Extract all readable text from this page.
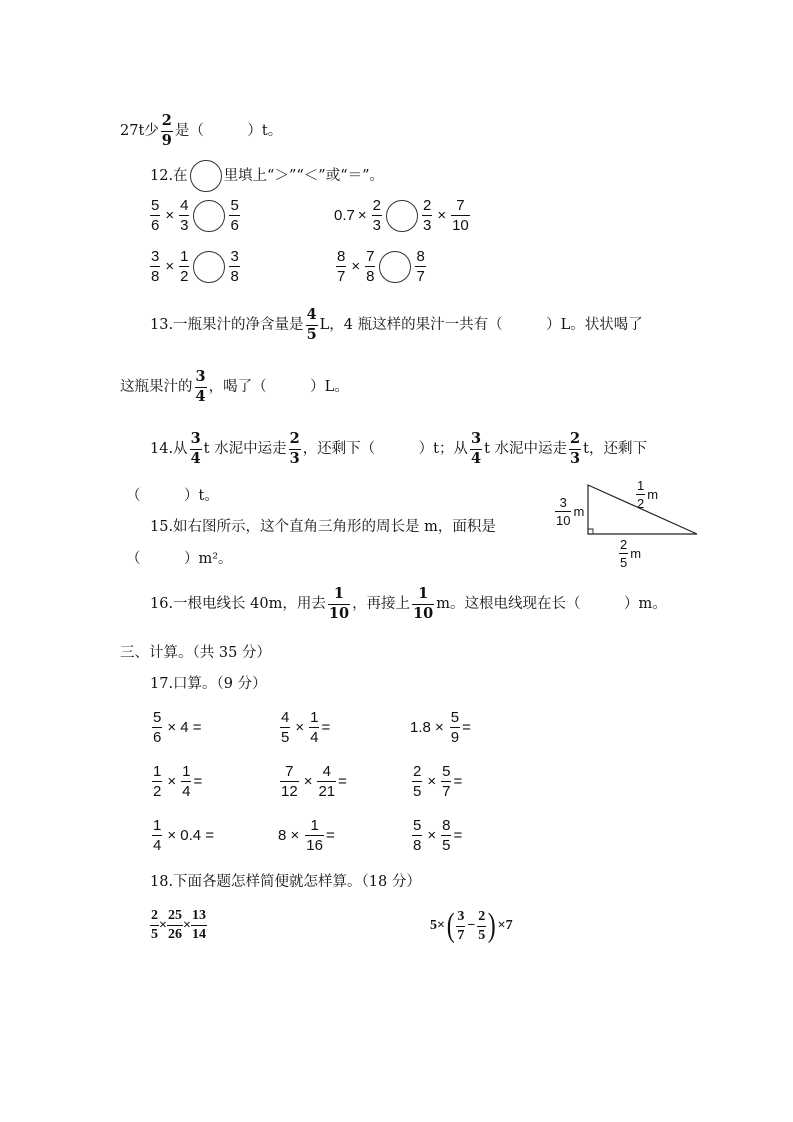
27t少 $\frac{2}{9}$ 是（　　　）t。
12.在 里填上“＞”“＜”或“＝”。
$\frac{5}{6} \times \frac{4}{3}$	$\frac{5}{6}$	$0.7 \times \frac{2}{3}$	$\frac{2}{3} \times \frac{7}{10}$
$\frac{3}{8} \times \frac{1}{2}$	$\frac{3}{8}$	$\frac{8}{7} \times \frac{7}{8}$	$\frac{8}{7}$
13.一瓶果汁的净含量是 $\frac{4}{5}$ L，4 瓶这样的果汁一共有（　　　）L。状状喝了
这瓶果汁的 $\frac{3}{4}$ ，喝了（　　　）L。
14.从 $\frac{3}{4}$ t 水泥中运走 $\frac{2}{3}$ ，还剩下（　　　）t；从 $\frac{3}{4}$ t 水泥中运走 $\frac{2}{3}$ t，还剩下
（　　　）t。
15.如右图所示，这个直角三角形的周长是 m，面积是
（　　　）m²。
$\frac{3}{10}$ m
$\frac{1}{2}$ m
$\frac{2}{5}$ m
16.一根电线长 40m，用去 $\frac{1}{10}$ ，再接上 $\frac{1}{10}$ m。这根电线现在长（　　　）m。
三、计算。（共 35 分）
17.口算。（9 分）
$\frac{5}{6} \times 4$ =	$\frac{4}{5} \times \frac{1}{4}$ =	$1.8 \times \frac{5}{9}$ =
$\frac{1}{2} \times \frac{1}{4}$ =	$\frac{7}{12} \times \frac{4}{21}$ =	$\frac{2}{5} \times \frac{5}{7}$ =
$\frac{1}{4} \times 0.4$ =	$8 \times \frac{1}{16}$ =	$\frac{5}{8} \times \frac{8}{5}$ =
18.下面各题怎样简便就怎样算。（18 分）
$\frac{2}{5} \times \frac{25}{26} \times \frac{13}{14}$	5× ( $\frac{3}{7} - \frac{2}{5}$ ) ×7
